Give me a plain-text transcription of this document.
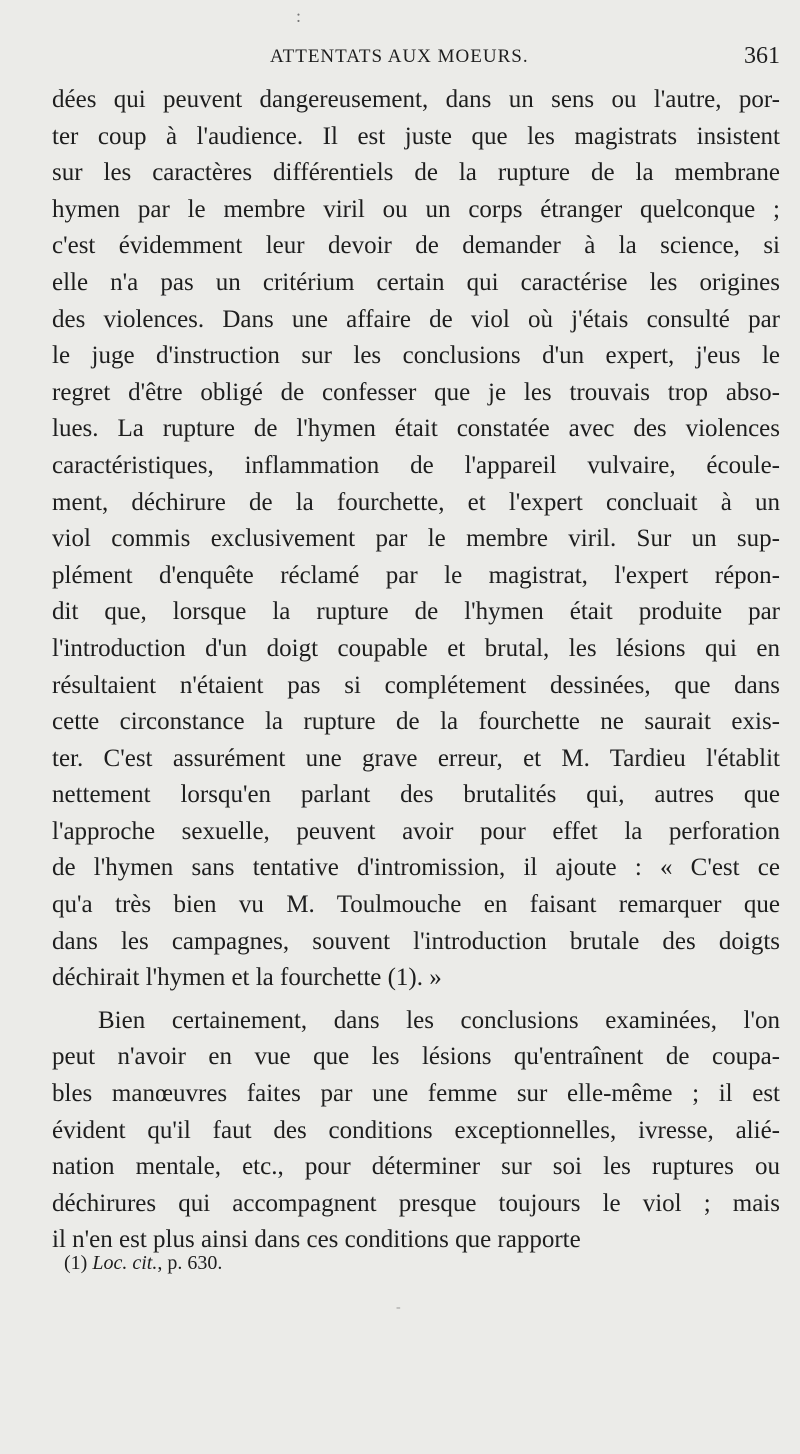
:
ATTENTATS AUX MOEURS.	361
dées qui peuvent dangereusement, dans un sens ou l'autre, por-
ter coup à l'audience. Il est juste que les magistrats insistent
sur les caractères différentiels de la rupture de la membrane
hymen par le membre viril ou un corps étranger quelconque ;
c'est évidemment leur devoir de demander à la science, si
elle n'a pas un critérium certain qui caractérise les origines
des violences. Dans une affaire de viol où j'étais consulté par
le juge d'instruction sur les conclusions d'un expert, j'eus le
regret d'être obligé de confesser que je les trouvais trop abso-
lues. La rupture de l'hymen était constatée avec des violences
caractéristiques, inflammation de l'appareil vulvaire, écoule-
ment, déchirure de la fourchette, et l'expert concluait à un
viol commis exclusivement par le membre viril. Sur un sup-
plément d'enquête réclamé par le magistrat, l'expert répon-
dit que, lorsque la rupture de l'hymen était produite par
l'introduction d'un doigt coupable et brutal, les lésions qui en
résultaient n'étaient pas si complétement dessinées, que dans
cette circonstance la rupture de la fourchette ne saurait exis-
ter. C'est assurément une grave erreur, et M. Tardieu l'établit
nettement lorsqu'en parlant des brutalités qui, autres que
l'approche sexuelle, peuvent avoir pour effet la perforation
de l'hymen sans tentative d'intromission, il ajoute : « C'est ce
qu'a très bien vu M. Toulmouche en faisant remarquer que
dans les campagnes, souvent l'introduction brutale des doigts
déchirait l'hymen et la fourchette (1). »
Bien certainement, dans les conclusions examinées, l'on
peut n'avoir en vue que les lésions qu'entraînent de coupa-
bles manœuvres faites par une femme sur elle-même ; il est
évident qu'il faut des conditions exceptionnelles, ivresse, alié-
nation mentale, etc., pour déterminer sur soi les ruptures ou
déchirures qui accompagnent presque toujours le viol ; mais
il n'en est plus ainsi dans ces conditions que rapporte
(1) Loc. cit., p. 630.
-
